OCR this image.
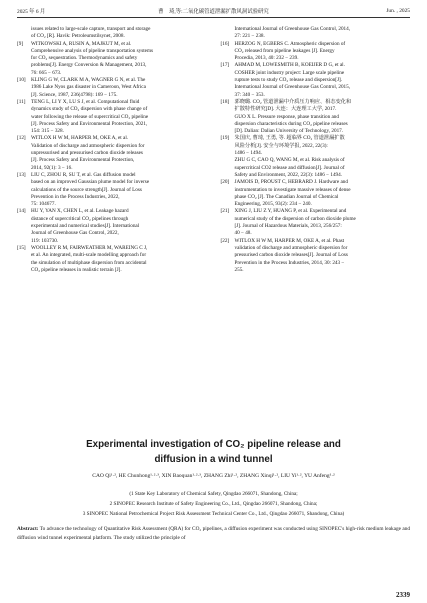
2025 年 6 月	曹　琦,等:二氧化碳管道泄漏扩散风洞试验研究	Jun. , 2025
issues related to large-scale capture, transport and storage
of CO₂ [R]. Havik: Petroleumstilsynet, 2008.
[9]	WITKOWSKI A, RUSIN A, MAJKUT M, et al.
Comprehensive analysis of pipeline transportation systems
for CO₂ sequestration. Thermodynamics and safety
problems[J]. Energy Conversion & Management, 2013,
76: 665 − 673.
[10]	KLING G W, CLARK M A, WAGNER G N, et al. The
1986 Lake Nyos gas disaster in Cameroon, West Africa
[J]. Science, 1987, 236(4798): 169 − 175.
[11]	TENG L, LI Y X, LU S J, et al. Computational fluid
dynamics study of CO₂ dispersion with phase change of
water following the release of supercritical CO₂ pipeline
[J]. Process Safety and Environmental Protection, 2021,
154: 315 − 328.
[12]	WITLOX H W M, HARPER M, OKE A, et al.
Validation of discharge and atmospheric dispersion for
unpressurised and pressurised carbon dioxide releases
[J]. Process Safety and Environmental Protection,
2014, 92(1): 3 − 16.
[13]	LIU C, ZHOU R, SU T, et al. Gas diffusion model
based on an improved Gaussian plume model for inverse
calculations of the source strength[J]. Journal of Loss
Prevention in the Process Industries, 2022,
75: 104677.
[14]	HU Y, YAN X, CHEN L, et al. Leakage hazard
distance of supercritical CO₂ pipelines through
experimental and numerical studies[J]. International
Journal of Greenhouse Gas Control, 2022,
119: 103730.
[15]	WOOLLEY R M, FAIRWEATHER M, WAREING C J,
et al. An integrated, multi-scale modelling approach for
the simulation of multiphase dispersion from accidental
CO₂ pipeline releases in realistic terrain [J].
International Journal of Greenhouse Gas Control, 2014,
27: 221 − 238.
[16]	HERZOG N, EGBERS C. Atmospheric dispersion of
CO₂ released from pipeline leakages [J]. Energy
Procedia, 2013, 40: 232 − 239.
[17]	AHMAD M, LOWESMITH B, KOEIJER D G, et al.
COSHER joint industry project: Large scale pipeline
rupture tests to study CO₂ release and dispersion[J].
International Journal of Greenhouse Gas Control, 2015,
37: 340 − 353.
[18]	郭晓璐. CO₂ 管道泄漏中介质压力响应、相态变化和
扩散特性研究[D]. 大连：大连理工大学, 2017.
GUO X L. Pressure response, phase transition and
dispersion characteristics during CO₂ pipeline releases
[D]. Dalian: Dalian University of Technology, 2017.
[19]	朱国庆, 曹琦, 王勇, 等. 超临界 CO₂ 管道泄漏扩散
风险分析[J]. 安全与环境学报, 2022, 22(3):
1486 − 1494.
ZHU G C, CAO Q, WANG M, et al. Risk analysis of
supercritical CO2 release and diffusion[J]. Journal of
Safety and Environment, 2022, 22(3): 1486 − 1494.
[20]	JAMOIS D, PROUST C, HEBRARD J. Hardware and
instrumentation to investigate massive releases of dense
phase CO₂ [J]. The Canadian Journal of Chemical
Engineering, 2015, 93(2): 234 − 240.
[21]	XING J, LIU Z Y, HUANG P, et al. Experimental and
numerical study of the dispersion of carbon dioxide plume
[J]. Journal of Hazardous Materials, 2013, 256/257:
40 − 48.
[22]	WITLOX H W M, HARPER M, OKE A, et al. Phast
validation of discharge and atmospheric dispersion for
pressurised carbon dioxide releases[J]. Journal of Loss
Prevention in the Process Industries, 2014, 30: 243 −
255.
Experimental investigation of CO₂ pipeline release and
diffusion in a wind tunnel
CAO Qi¹·², HE Chunhong¹·²·³, XIN Baoquan¹·²·³, ZHANG Zhi¹·², ZHANG Xinqi¹·², LIU Yi¹·², YU Anfeng¹·²
(1 State Key Laboratory of Chemical Safety, Qingdao 266071, Shandong, China;
2 SINOPEC Research Institute of Safety Engineering Co., Ltd., Qingdao 266071, Shandong, China;
3 SINOPEC National Petrochemical Project Risk Assessment Technical Center Co., Ltd., Qingdao 266071, Shandong, China)
Abstract: To advance the technology of Quantitative Risk Assessment (QRA) for CO₂ pipelines, a diffusion experiment was conducted using SINOPEC's high-risk medium leakage and diffusion wind tunnel experimental platform. The study utilized the principle of
2339
